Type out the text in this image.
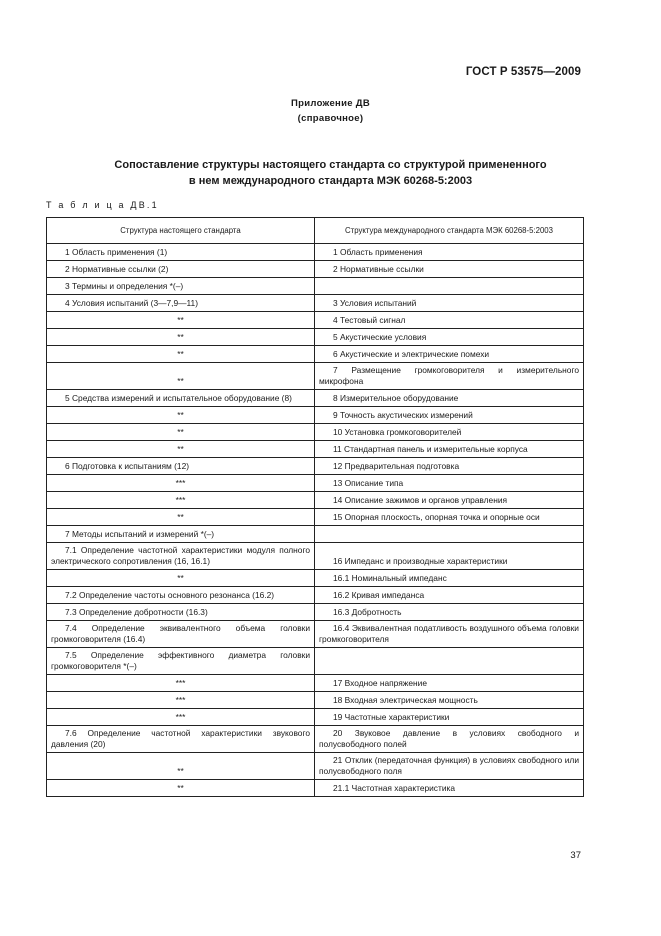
ГОСТ Р 53575—2009
Приложение ДВ
(справочное)
Сопоставление структуры настоящего стандарта со структурой примененного
в нем международного стандарта МЭК 60268-5:2003
Т а б л и ц а ДВ.1
Структура настоящего стандарта	Структура международного стандарта МЭК 60268-5:2003
1 Область применения (1)	1 Область применения
2 Нормативные ссылки (2)	2 Нормативные ссылки
3 Термины и определения *(–)	
4 Условия испытаний (3—7,9—11)	3 Условия испытаний
**	4 Тестовый сигнал
**	5 Акустические условия
**	6 Акустические и электрические помехи
**	7 Размещение громкоговорителя и измерительного микрофона
5 Средства измерений и испытательное оборудование (8)	8 Измерительное оборудование
**	9 Точность акустических измерений
**	10 Установка громкоговорителей
**	11 Стандартная панель и измерительные корпуса
6 Подготовка к испытаниям (12)	12 Предварительная подготовка
***	13 Описание типа
***	14 Описание зажимов и органов управления
**	15 Опорная плоскость, опорная точка и опорные оси
7 Методы испытаний и измерений *(–)	
7.1 Определение частотной характеристики модуля полного электрического сопротивления (16, 16.1)	16 Импеданс и производные характеристики
**	16.1 Номинальный импеданс
7.2 Определение частоты основного резонанса (16.2)	16.2 Кривая импеданса
7.3 Определение добротности (16.3)	16.3 Добротность
7.4 Определение эквивалентного объема головки громкоговорителя (16.4)	16.4 Эквивалентная податливость воздушного объема головки громкоговорителя
7.5 Определение эффективного диаметра головки громкоговорителя *(–)	
***	17 Входное напряжение
***	18 Входная электрическая мощность
***	19 Частотные характеристики
7.6 Определение частотной характеристики звукового давления (20)	20 Звуковое давление в условиях свободного и полусвободного полей
**	21 Отклик (передаточная функция) в условиях свободного или полусвободного поля
**	21.1 Частотная характеристика
37
